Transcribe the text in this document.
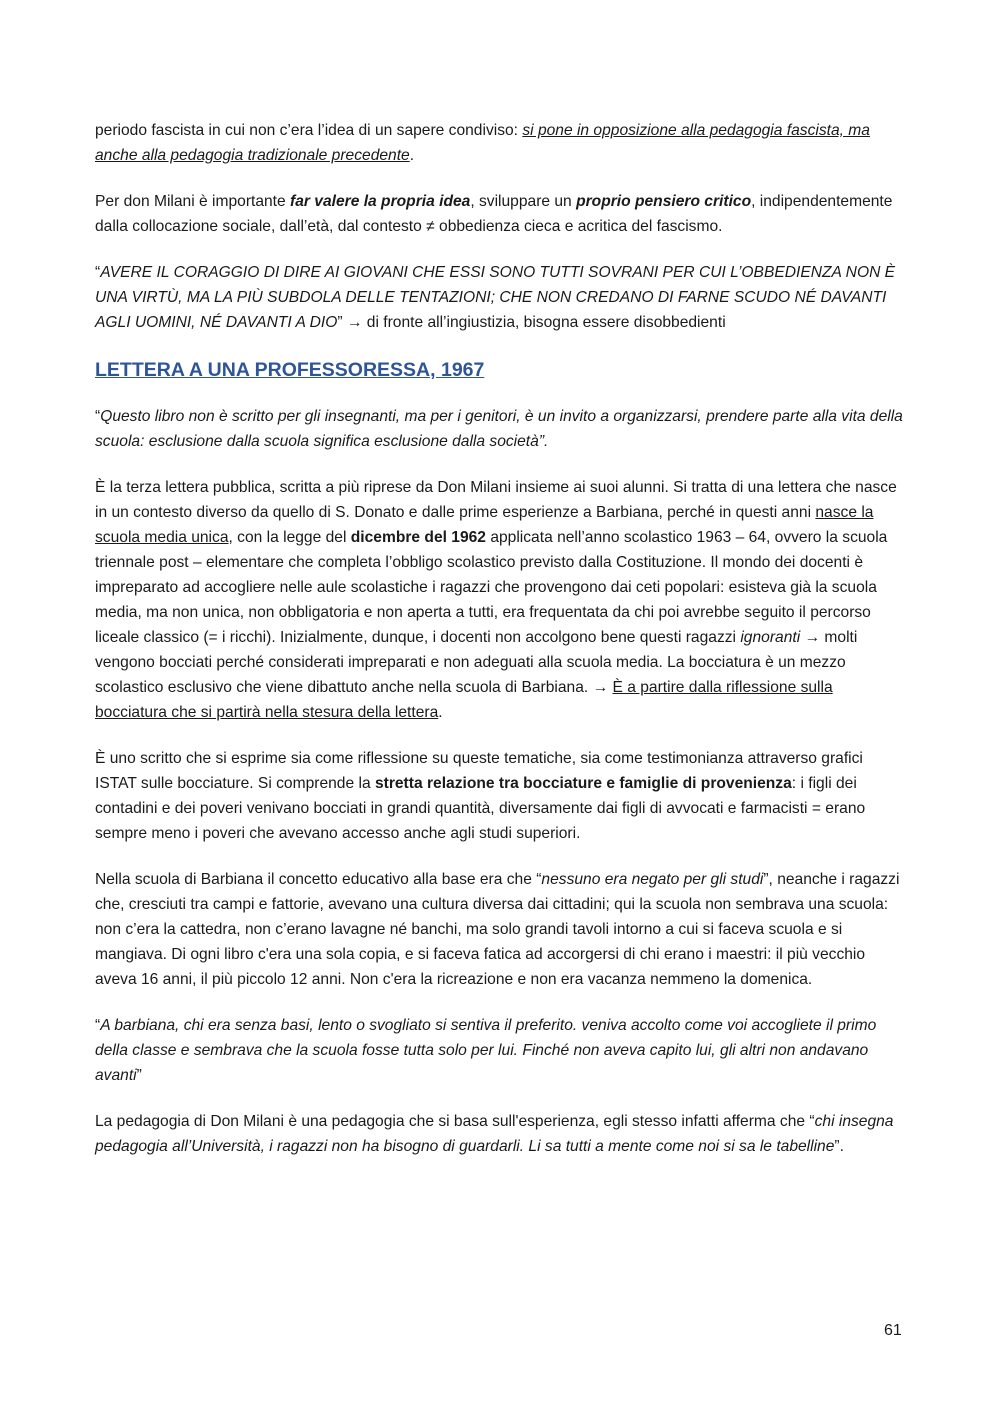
periodo fascista in cui non c’era l’idea di un sapere condiviso: si pone in opposizione alla pedagogia fascista, ma anche alla pedagogia tradizionale precedente.

Per don Milani è importante far valere la propria idea, sviluppare un proprio pensiero critico, indipendentemente dalla collocazione sociale, dall’età, dal contesto ≠ obbedienza cieca e acritica del fascismo.

“AVERE IL CORAGGIO DI DIRE AI GIOVANI CHE ESSI SONO TUTTI SOVRANI PER CUI L’OBBEDIENZA NON È UNA VIRTÙ, MA LA PIÙ SUBDOLA DELLE TENTAZIONI; CHE NON CREDANO DI FARNE SCUDO NÉ DAVANTI AGLI UOMINI, NÉ DAVANTI A DIO” → di fronte all’ingiustizia, bisogna essere disobbedienti

LETTERA A UNA PROFESSORESSA, 1967

“Questo libro non è scritto per gli insegnanti, ma per i genitori, è un invito a organizzarsi, prendere parte alla vita della scuola: esclusione dalla scuola significa esclusione dalla società”.

È la terza lettera pubblica, scritta a più riprese da Don Milani insieme ai suoi alunni. Si tratta di una lettera che nasce in un contesto diverso da quello di S. Donato e dalle prime esperienze a Barbiana, perché in questi anni nasce la scuola media unica, con la legge del dicembre del 1962 applicata nell’anno scolastico 1963 – 64, ovvero la scuola triennale post – elementare che completa l’obbligo scolastico previsto dalla Costituzione. Il mondo dei docenti è impreparato ad accogliere nelle aule scolastiche i ragazzi che provengono dai ceti popolari: esisteva già la scuola media, ma non unica, non obbligatoria e non aperta a tutti, era frequentata da chi poi avrebbe seguito il percorso liceale classico (= i ricchi). Inizialmente, dunque, i docenti non accolgono bene questi ragazzi ignoranti → molti vengono bocciati perché considerati impreparati e non adeguati alla scuola media. La bocciatura è un mezzo scolastico esclusivo che viene dibattuto anche nella scuola di Barbiana. → È a partire dalla riflessione sulla bocciatura che si partirà nella stesura della lettera.

È uno scritto che si esprime sia come riflessione su queste tematiche, sia come testimonianza attraverso grafici ISTAT sulle bocciature. Si comprende la stretta relazione tra bocciature e famiglie di provenienza: i figli dei contadini e dei poveri venivano bocciati in grandi quantità, diversamente dai figli di avvocati e farmacisti = erano sempre meno i poveri che avevano accesso anche agli studi superiori.

Nella scuola di Barbiana il concetto educativo alla base era che “nessuno era negato per gli studi”, neanche i ragazzi che, cresciuti tra campi e fattorie, avevano una cultura diversa dai cittadini; qui la scuola non sembrava una scuola: non c’era la cattedra, non c’erano lavagne né banchi, ma solo grandi tavoli intorno a cui si faceva scuola e si mangiava. Di ogni libro c'era una sola copia, e si faceva fatica ad accorgersi di chi erano i maestri: il più vecchio aveva 16 anni, il più piccolo 12 anni. Non c'era la ricreazione e non era vacanza nemmeno la domenica.

“A barbiana, chi era senza basi, lento o svogliato si sentiva il preferito. veniva accolto come voi accogliete il primo della classe e sembrava che la scuola fosse tutta solo per lui. Finché non aveva capito lui, gli altri non andavano avanti”

La pedagogia di Don Milani è una pedagogia che si basa sull'esperienza, egli stesso infatti afferma che “chi insegna pedagogia all’Università, i ragazzi non ha bisogno di guardarli. Li sa tutti a mente come noi si sa le tabelline”.

61
